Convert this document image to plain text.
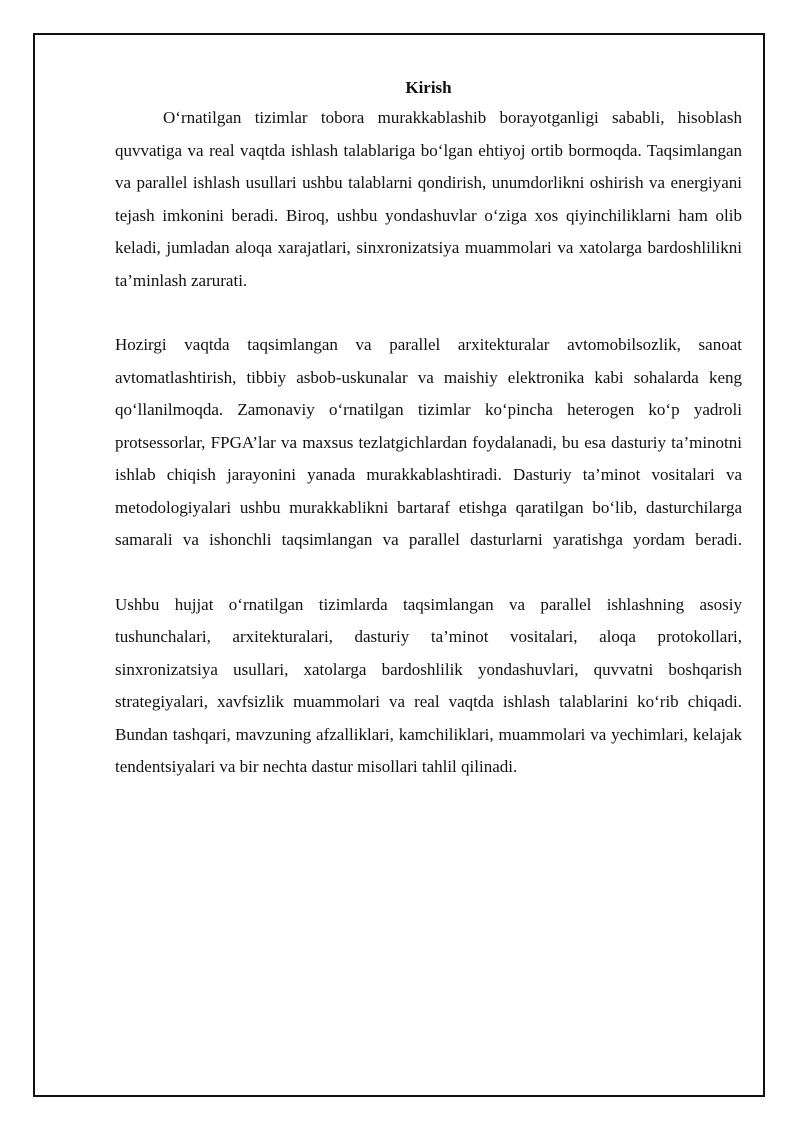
Kirish

O‘rnatilgan tizimlar tobora murakkablashib borayotganligi sababli, hisoblash quvvatiga va real vaqtda ishlash talablariga bo‘lgan ehtiyoj ortib bormoqda. Taqsimlangan va parallel ishlash usullari ushbu talablarni qondirish, unumdorlikni oshirish va energiyani tejash imkonini beradi. Biroq, ushbu yondashuvlar o‘ziga xos qiyinchiliklarni ham olib keladi, jumladan aloqa xarajatlari, sinxronizatsiya muammolari va xatolarga bardoshlilikni ta’minlash zarurati.

Hozirgi vaqtda taqsimlangan va parallel arxitekturalar avtomobilsozlik, sanoat avtomatlashtirish, tibbiy asbob-uskunalar va maishiy elektronika kabi sohalarda keng qo‘llanilmoqda. Zamonaviy o‘rnatilgan tizimlar ko‘pincha heterogen ko‘p yadroli protsessorlar, FPGA’lar va maxsus tezlatgichlardan foydalanadi, bu esa dasturiy ta’minotni ishlab chiqish jarayonini yanada murakkablashtiradi. Dasturiy ta’minot vositalari va metodologiyalari ushbu murakkablikni bartaraf etishga qaratilgan bo‘lib, dasturchilarga samarali va ishonchli taqsimlangan va parallel dasturlarni yaratishga yordam beradi.

Ushbu hujjat o‘rnatilgan tizimlarda taqsimlangan va parallel ishlashning asosiy tushunchalari, arxitekturalari, dasturiy ta’minot vositalari, aloqa protokollari, sinxronizatsiya usullari, xatolarga bardoshlilik yondashuvlari, quvvatni boshqarish strategiyalari, xavfsizlik muammolari va real vaqtda ishlash talablarini ko‘rib chiqadi. Bundan tashqari, mavzuning afzalliklari, kamchiliklari, muammolari va yechimlari, kelajak tendentsiyalari va bir nechta dastur misollari tahlil qilinadi.
